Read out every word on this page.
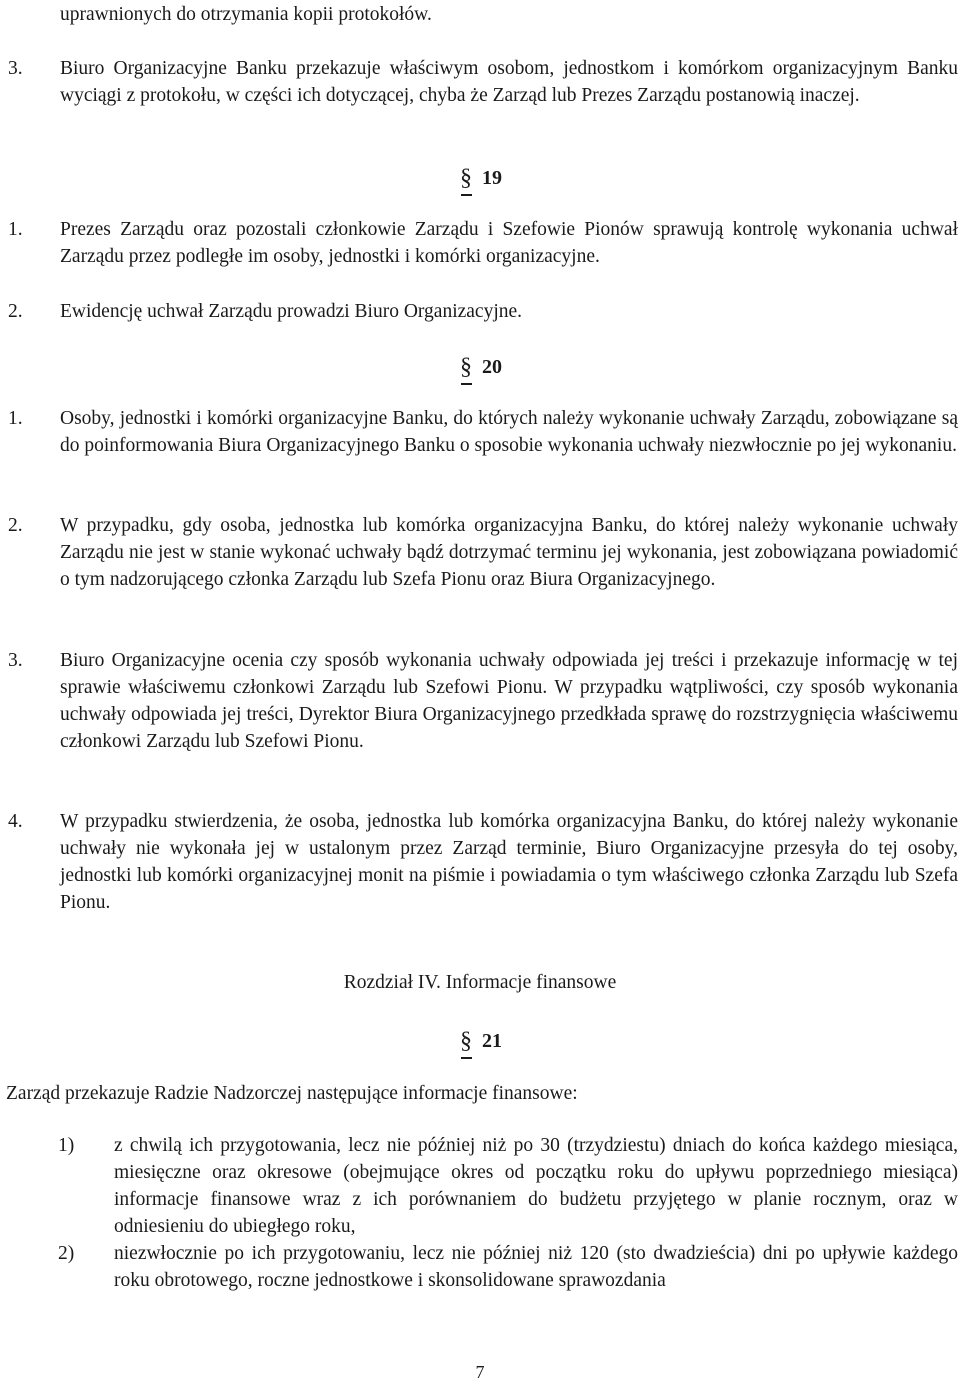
uprawnionych do otrzymania kopii protokołów.

3. Biuro Organizacyjne Banku przekazuje właściwym osobom, jednostkom i komórkom organizacyjnym Banku wyciągi z protokołu, w części ich dotyczącej, chyba że Zarząd lub Prezes Zarządu postanowią inaczej.

§ 19

1. Prezes Zarządu oraz pozostali członkowie Zarządu i Szefowie Pionów sprawują kontrolę wykonania uchwał Zarządu przez podległe im osoby, jednostki i komórki organizacyjne.

2. Ewidencję uchwał Zarządu prowadzi Biuro Organizacyjne.

§ 20

1. Osoby, jednostki i komórki organizacyjne Banku, do których należy wykonanie uchwały Zarządu, zobowiązane są do poinformowania Biura Organizacyjnego Banku o sposobie wykonania uchwały niezwłocznie po jej wykonaniu.

2. W przypadku, gdy osoba, jednostka lub komórka organizacyjna Banku, do której należy wykonanie uchwały Zarządu nie jest w stanie wykonać uchwały bądź dotrzymać terminu jej wykonania, jest zobowiązana powiadomić o tym nadzorującego członka Zarządu lub Szefa Pionu oraz Biura Organizacyjnego.

3. Biuro Organizacyjne ocenia czy sposób wykonania uchwały odpowiada jej treści i przekazuje informację w tej sprawie właściwemu członkowi Zarządu lub Szefowi Pionu. W przypadku wątpliwości, czy sposób wykonania uchwały odpowiada jej treści, Dyrektor Biura Organizacyjnego przedkłada sprawę do rozstrzygnięcia właściwemu członkowi Zarządu lub Szefowi Pionu.

4. W przypadku stwierdzenia, że osoba, jednostka lub komórka organizacyjna Banku, do której należy wykonanie uchwały nie wykonała jej w ustalonym przez Zarząd terminie, Biuro Organizacyjne przesyła do tej osoby, jednostki lub komórki organizacyjnej monit na piśmie i powiadamia o tym właściwego członka Zarządu lub Szefa Pionu.

Rozdział IV. Informacje finansowe
§ 21
Zarząd przekazuje Radzie Nadzorczej następujące informacje finansowe:

1) z chwilą ich przygotowania, lecz nie później niż po 30 (trzydziestu) dniach do końca każdego miesiąca, miesięczne oraz okresowe (obejmujące okres od początku roku do upływu poprzedniego miesiąca) informacje finansowe wraz z ich porównaniem do budżetu przyjętego w planie rocznym, oraz w odniesieniu do ubiegłego roku,

2) niezwłocznie po ich przygotowaniu, lecz nie później niż 120 (sto dwadzieścia) dni po upływie każdego roku obrotowego, roczne jednostkowe i skonsolidowane sprawozdania

7
